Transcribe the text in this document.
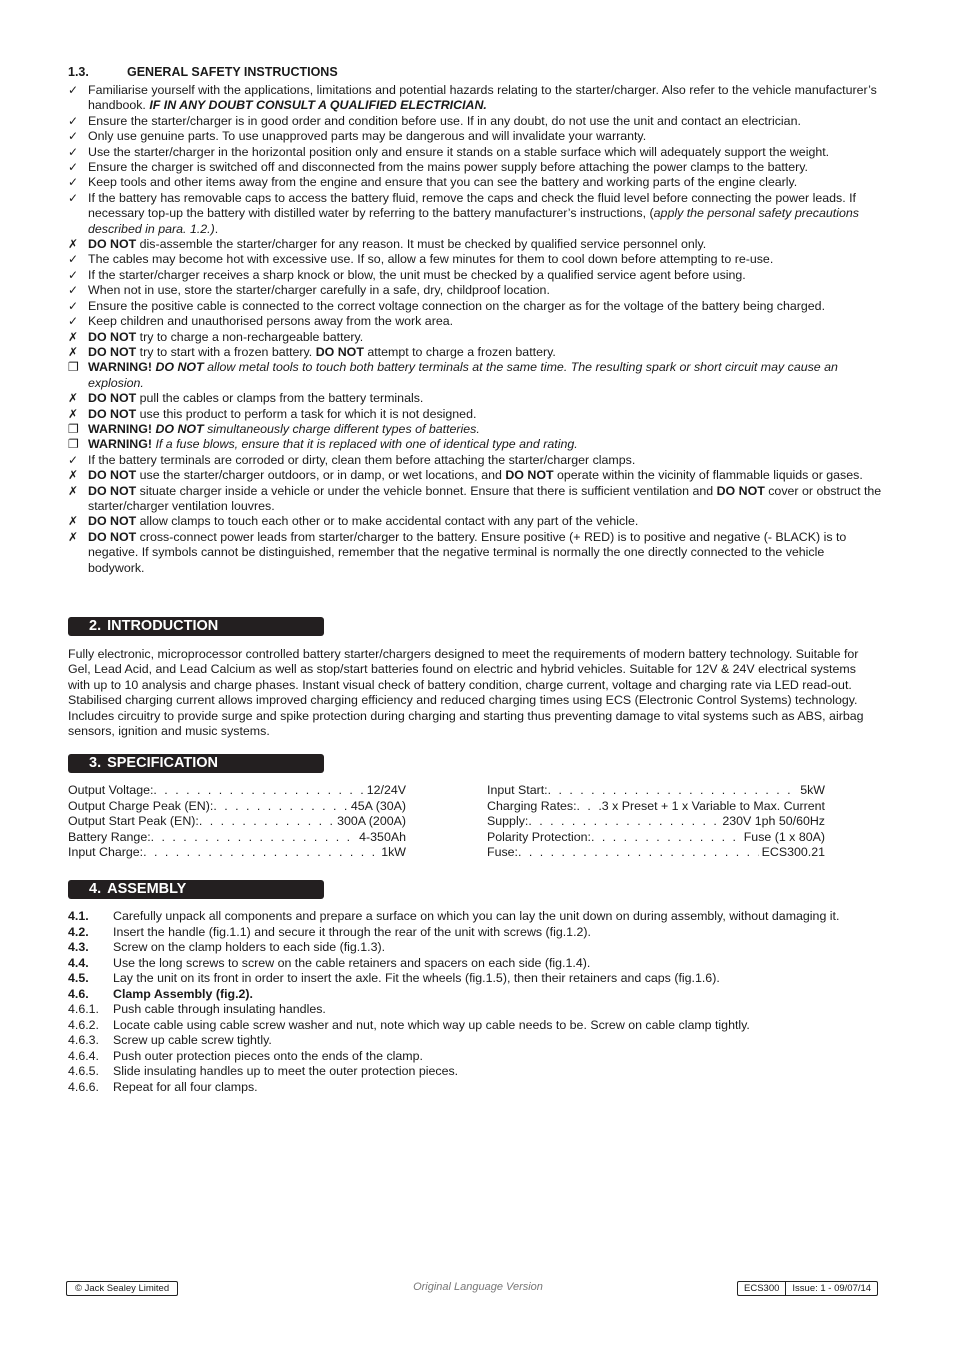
1.3.	GENERAL SAFETY INSTRUCTIONS
✓ Familiarise yourself with the applications, limitations and potential hazards relating to the starter/charger. Also refer to the vehicle manufacturer’s handbook. IF IN ANY DOUBT CONSULT A QUALIFIED ELECTRICIAN.
✓ Ensure the starter/charger is in good order and condition before use. If in any doubt, do not use the unit and contact an electrician.
✓ Only use genuine parts. To use unapproved parts may be dangerous and will invalidate your warranty.
✓ Use the starter/charger in the horizontal position only and ensure it stands on a stable surface which will adequately support the weight.
✓ Ensure the charger is switched off and disconnected from the mains power supply before attaching the power clamps to the battery.
✓ Keep tools and other items away from the engine and ensure that you can see the battery and working parts of the engine clearly.
✓ If the battery has removable caps to access the battery fluid, remove the caps and check the fluid level before connecting the power leads. If necessary top-up the battery with distilled water by referring to the battery manufacturer’s instructions, (apply the personal safety precautions described in para. 1.2.).
✗ DO NOT dis-assemble the starter/charger for any reason. It must be checked by qualified service personnel only.
✓ The cables may become hot with excessive use. If so, allow a few minutes for them to cool down before attempting to re-use.
✓ If the starter/charger receives a sharp knock or blow, the unit must be checked by a qualified service agent before using.
✓ When not in use, store the starter/charger carefully in a safe, dry, childproof location.
✓ Ensure the positive cable is connected to the correct voltage connection on the charger as for the voltage of the battery being charged.
✓ Keep children and unauthorised persons away from the work area.
✗ DO NOT try to charge a non-rechargeable battery.
✗ DO NOT try to start with a frozen battery. DO NOT attempt to charge a frozen battery.
❐ WARNING! DO NOT allow metal tools to touch both battery terminals at the same time. The resulting spark or short circuit may cause an explosion.
✗ DO NOT pull the cables or clamps from the battery terminals.
✗ DO NOT use this product to perform a task for which it is not designed.
❐ WARNING! DO NOT simultaneously charge different types of batteries.
❐ WARNING! If a fuse blows, ensure that it is replaced with one of identical type and rating.
✓ If the battery terminals are corroded or dirty, clean them before attaching the starter/charger clamps.
✗ DO NOT use the starter/charger outdoors, or in damp, or wet locations, and DO NOT operate within the vicinity of flammable liquids or gases.
✗ DO NOT situate charger inside a vehicle or under the vehicle bonnet. Ensure that there is sufficient ventilation and DO NOT cover or obstruct the starter/charger ventilation louvres.
✗ DO NOT allow clamps to touch each other or to make accidental contact with any part of the vehicle.
✗ DO NOT cross-connect power leads from starter/charger to the battery. Ensure positive (+ RED) is to positive and negative (- BLACK) is to negative. If symbols cannot be distinguished, remember that the negative terminal is normally the one directly connected to the vehicle bodywork.
2. INTRODUCTION

Fully electronic, microprocessor controlled battery starter/chargers designed to meet the requirements of modern battery technology. Suitable for Gel, Lead Acid, and Lead Calcium as well as stop/start batteries found on electric and hybrid vehicles. Suitable for 12V & 24V electrical systems with up to 10 analysis and charge phases. Instant visual check of battery condition, charge current, voltage and charging rate via LED read-out. Stabilised charging current allows improved charging efficiency and reduced charging times using ECS (Electronic Control Systems) technology. Includes circuitry to provide surge and spike protection during charging and starting thus preventing damage to vital systems such as ABS, airbag sensors, ignition and music systems.

3. SPECIFICATION
Output Voltage: . . .	12/24V
Output Charge Peak (EN): . . .	45A (30A)
Output Start Peak (EN): . . .	300A (200A)
Battery Range: . . .	4-350Ah
Input Charge: . . .	1kW
Input Start: . . .	5kW
Charging Rates: . . . .3 x Preset + 1 x Variable to Max. Current
Supply: . . .	230V 1ph 50/60Hz
Polarity Protection: . . .	Fuse (1 x 80A)
Fuse: . . .	ECS300.21
4. ASSEMBLY
4.1.	Carefully unpack all components and prepare a surface on which you can lay the unit down on during assembly, without damaging it.
4.2.	Insert the handle (fig.1.1) and secure it through the rear of the unit with screws (fig.1.2).
4.3.	Screw on the clamp holders to each side (fig.1.3).
4.4.	Use the long screws to screw on the cable retainers and spacers on each side (fig.1.4).
4.5.	Lay the unit on its front in order to insert the axle. Fit the wheels (fig.1.5), then their retainers and caps (fig.1.6).
4.6.	Clamp Assembly (fig.2).
4.6.1.	Push cable through insulating handles.
4.6.2.	Locate cable using cable screw washer and nut, note which way up cable needs to be. Screw on cable clamp tightly.
4.6.3.	Screw up cable screw tightly.
4.6.4.	Push outer protection pieces onto the ends of the clamp.
4.6.5.	Slide insulating handles up to meet the outer protection pieces.
4.6.6.	Repeat for all four clamps.
© Jack Sealey Limited	Original Language Version	ECS300	Issue: 1 - 09/07/14
